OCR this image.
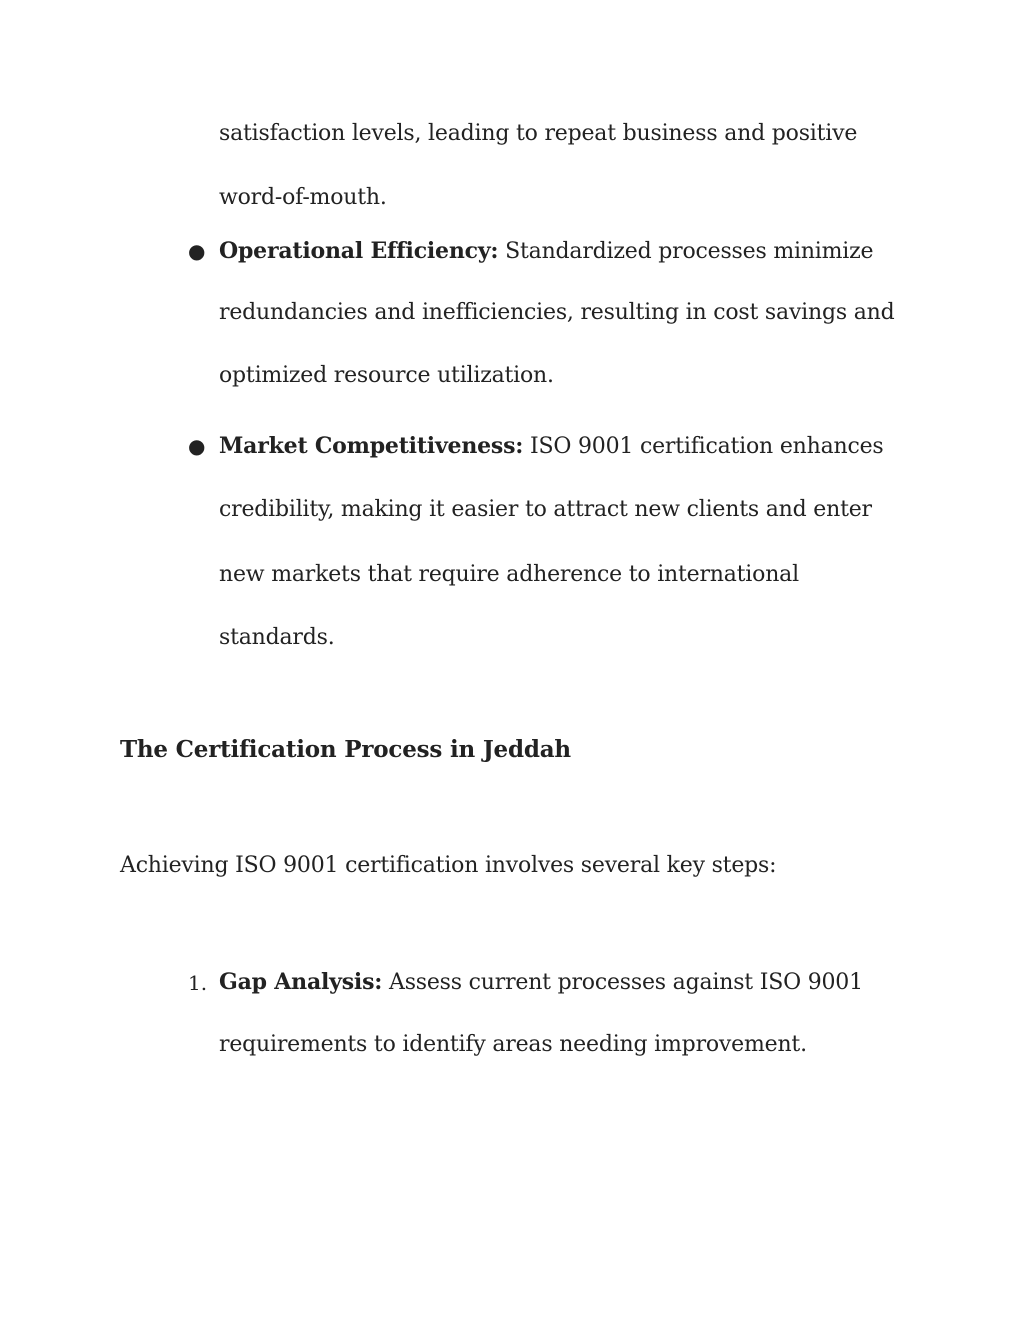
satisfaction levels, leading to repeat business and positive
word-of-mouth.
● Operational Efficiency: Standardized processes minimize
redundancies and inefficiencies, resulting in cost savings and
optimized resource utilization.
● Market Competitiveness: ISO 9001 certification enhances
credibility, making it easier to attract new clients and enter
new markets that require adherence to international
standards.
The Certification Process in Jeddah
Achieving ISO 9001 certification involves several key steps:
1. Gap Analysis: Assess current processes against ISO 9001
requirements to identify areas needing improvement.
